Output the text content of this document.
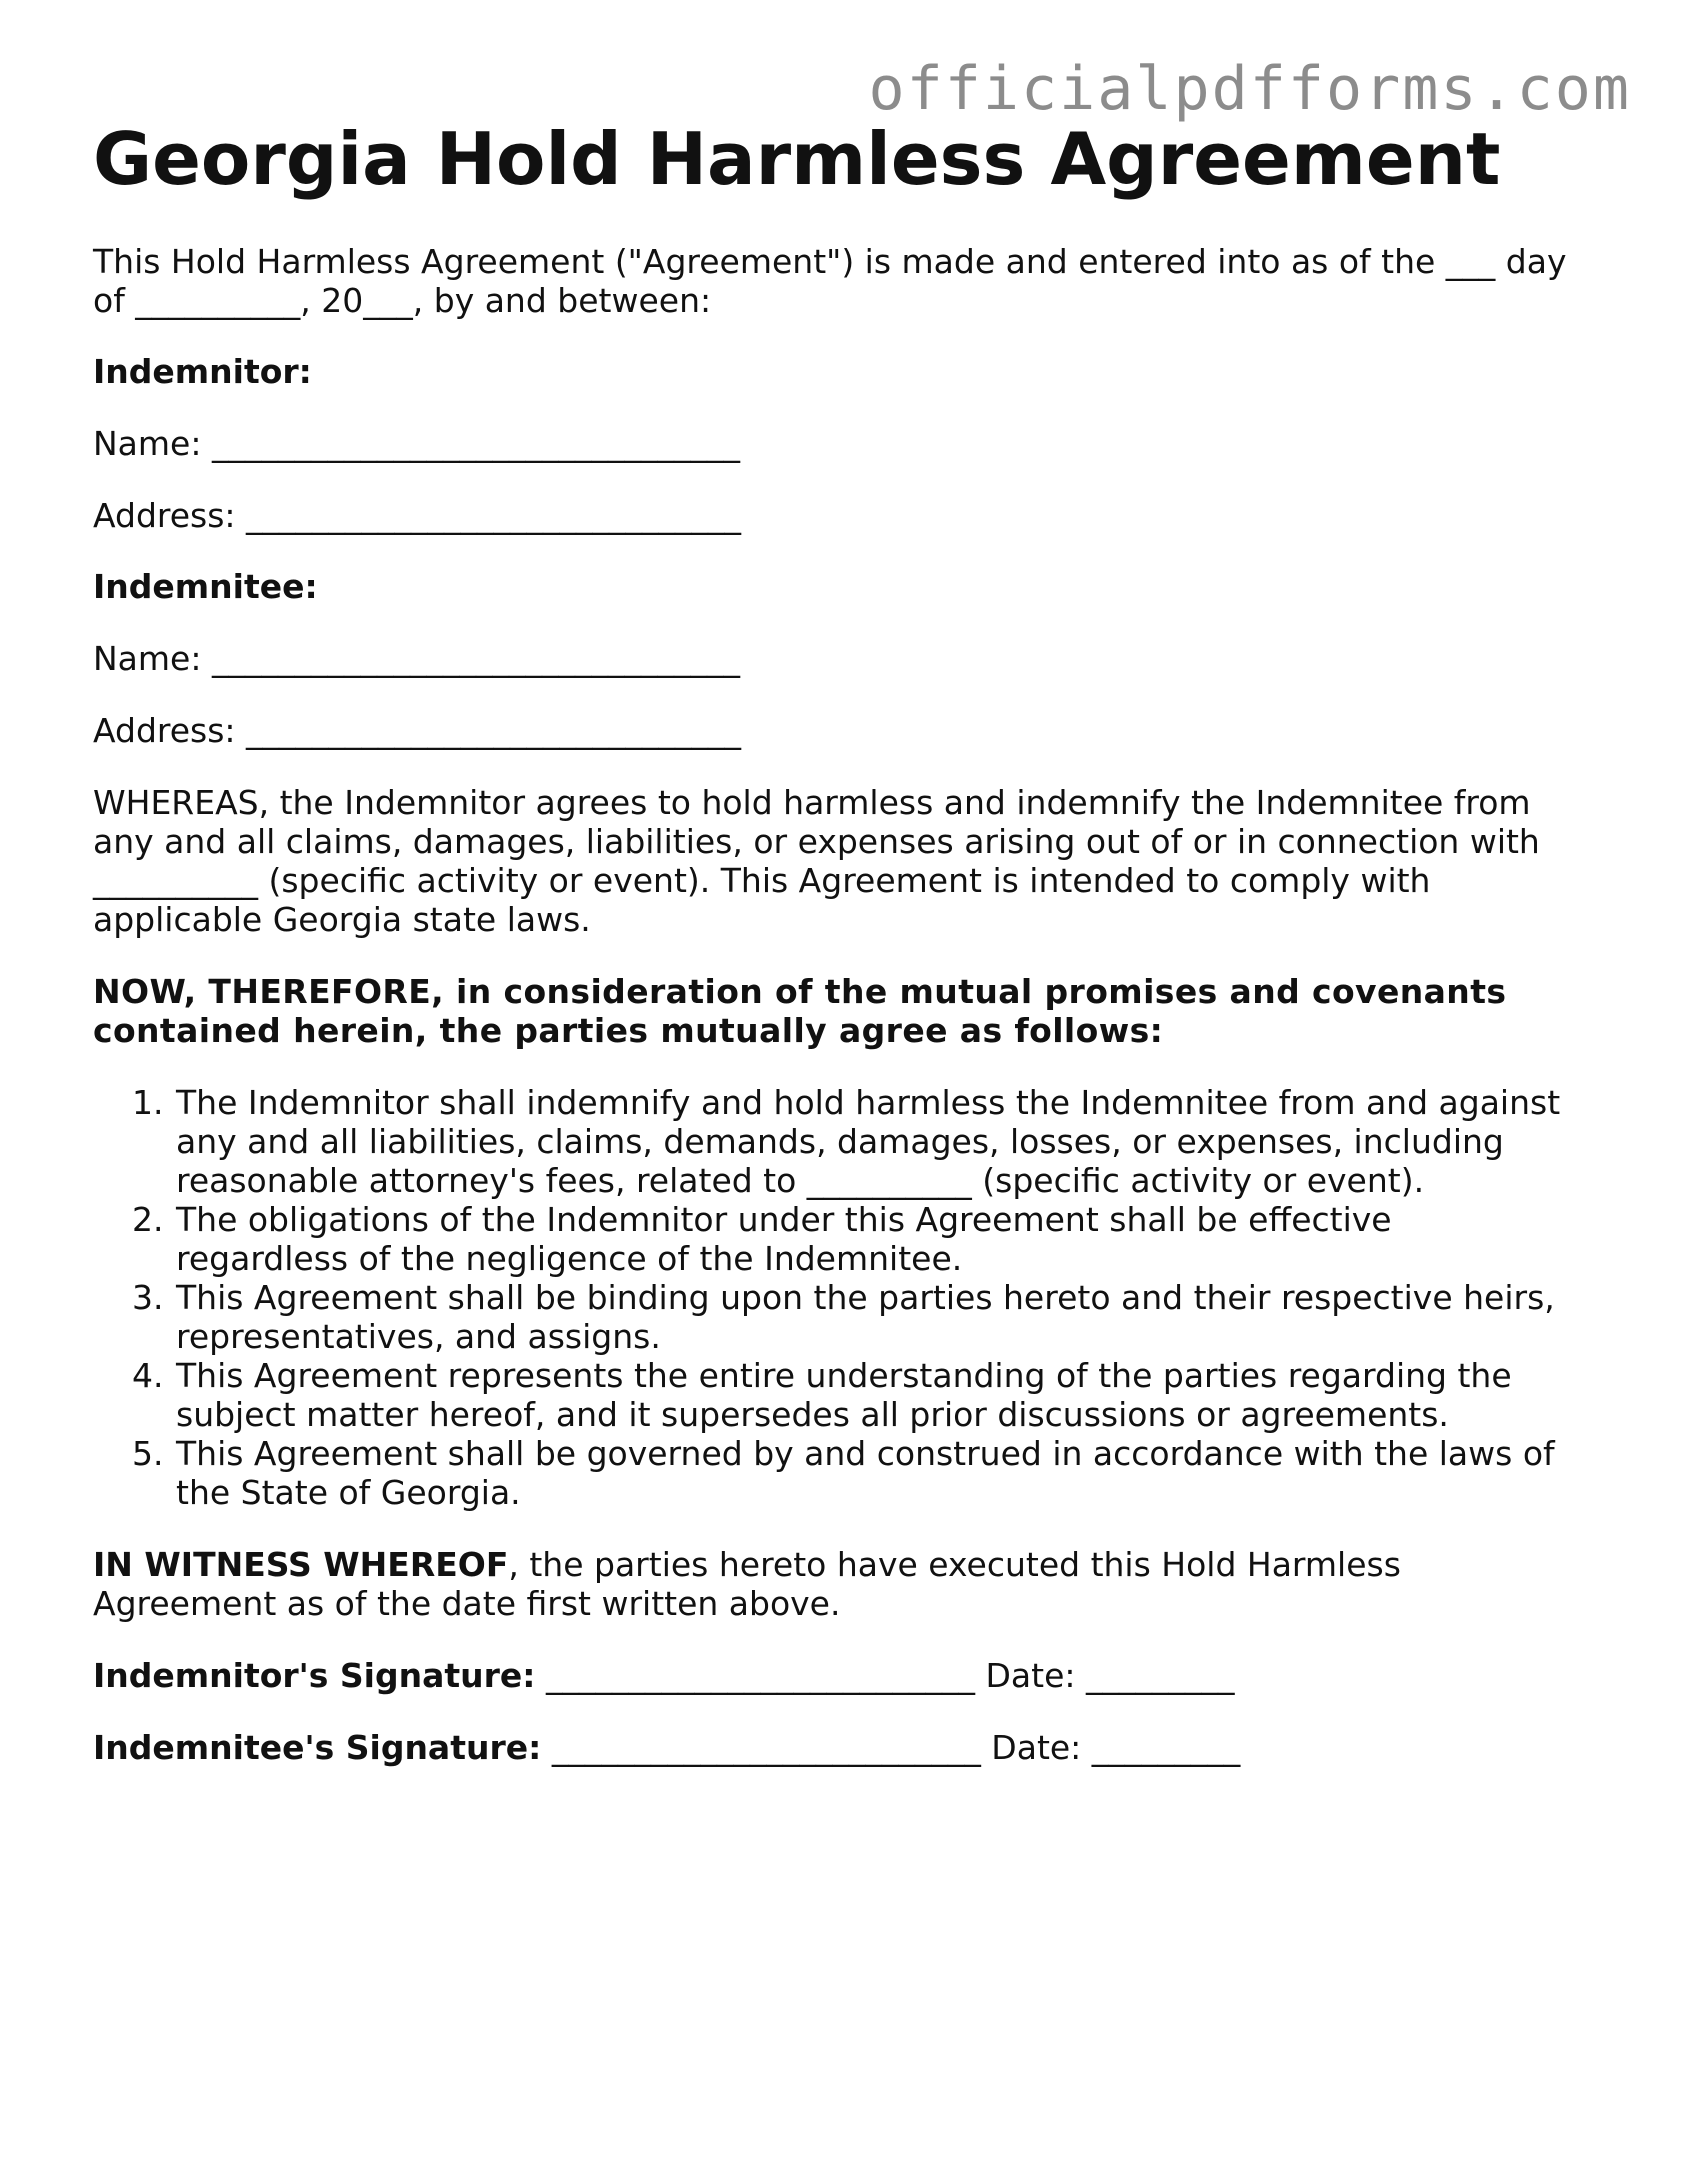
officialpdfforms.com
Georgia Hold Harmless Agreement

This Hold Harmless Agreement ("Agreement") is made and entered into as of the ___ day of __________, 20___, by and between:

Indemnitor:

Name: ________________________________

Address: ______________________________

Indemnitee:

Name: ________________________________

Address: ______________________________

WHEREAS, the Indemnitor agrees to hold harmless and indemnify the Indemnitee from any and all claims, damages, liabilities, or expenses arising out of or in connection with __________ (specific activity or event). This Agreement is intended to comply with applicable Georgia state laws.

NOW, THEREFORE, in consideration of the mutual promises and covenants contained herein, the parties mutually agree as follows:

1. The Indemnitor shall indemnify and hold harmless the Indemnitee from and against any and all liabilities, claims, demands, damages, losses, or expenses, including reasonable attorney's fees, related to __________ (specific activity or event).
2. The obligations of the Indemnitor under this Agreement shall be effective regardless of the negligence of the Indemnitee.
3. This Agreement shall be binding upon the parties hereto and their respective heirs, representatives, and assigns.
4. This Agreement represents the entire understanding of the parties regarding the subject matter hereof, and it supersedes all prior discussions or agreements.
5. This Agreement shall be governed by and construed in accordance with the laws of the State of Georgia.

IN WITNESS WHEREOF, the parties hereto have executed this Hold Harmless Agreement as of the date first written above.

Indemnitor's Signature: __________________________ Date: _________

Indemnitee's Signature: __________________________ Date: _________
